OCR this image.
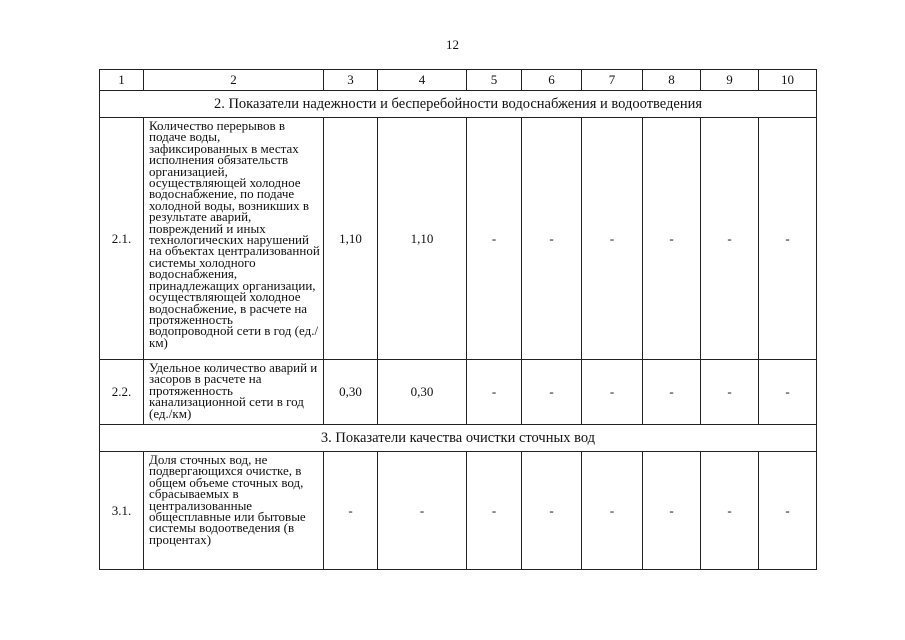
12
1	2	3	4	5	6	7	8	9	10
2. Показатели надежности и бесперебойности водоснабжения и водоотведения									
2.1.	Количество перерывов в подаче воды, зафиксированных в местах исполнения обязательств организацией, осуществляющей холодное водоснабжение, по подаче холодной воды, возникших в результате аварий, повреждений и иных технологических нарушений на объектах централизованной системы холодного водоснабжения, принадлежащих организации, осуществляющей холодное водоснабжение, в расчете на протяженность водопроводной сети в год (ед./км)	1,10	1,10	-	-	-	-	-	-
2.2.	Удельное количество аварий и засоров в расчете на протяженность канализационной сети в год (ед./км)	0,30	0,30	-	-	-	-	-	-
3. Показатели качества очистки сточных вод									
3.1.	Доля сточных вод, не подвергающихся очистке, в общем объеме сточных вод, сбрасываемых в централизованные общесплавные или бытовые системы водоотведения (в процентах)	-	-	-	-	-	-	-	-
